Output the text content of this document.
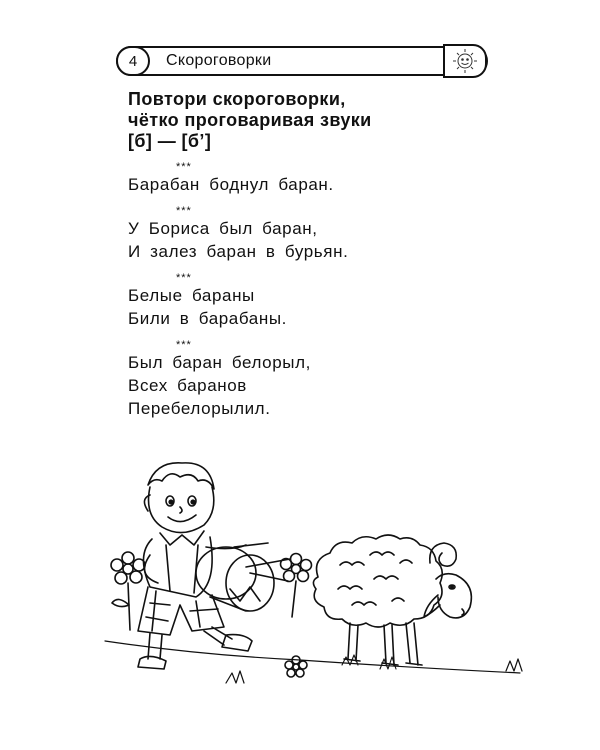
4	Скороговорки
Повтори скороговорки,
чётко проговаривая звуки
[б] — [б’]
***
Барабан боднул баран.
***
У Бориса был баран,
И залез баран в бурьян.
***
Белые бараны
Били в барабаны.
***
Был баран белорыл,
Всех баранов
Перебелорылил.
